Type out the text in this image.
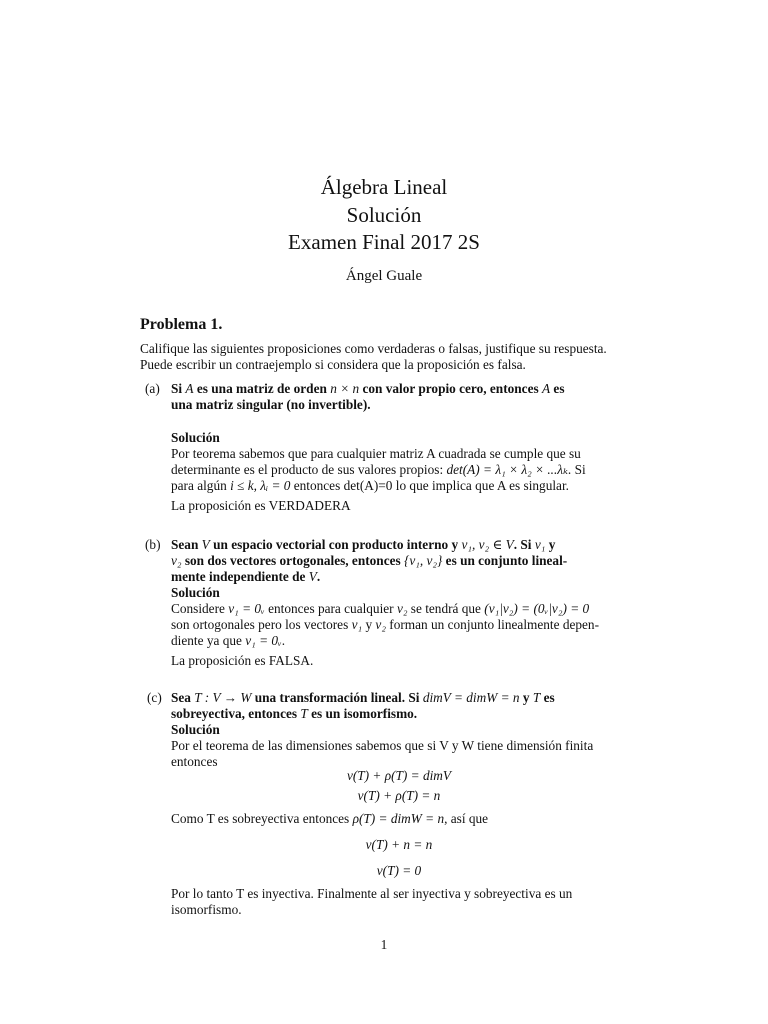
Álgebra Lineal
Solución
Examen Final 2017 2S
Ángel Guale
Problema 1.
Califique las siguientes proposiciones como verdaderas o falsas, justifique su respuesta.
Puede escribir un contraejemplo si considera que la proposición es falsa.
(a) Si A es una matriz de orden n × n con valor propio cero, entonces A es
una matriz singular (no invertible).
Solución
Por teorema sabemos que para cualquier matriz A cuadrada se cumple que su
determinante es el producto de sus valores propios: det(A) = λ₁ × λ₂ × ...λₖ. Si
para algún i ≤ k, λᵢ = 0 entonces det(A)=0 lo que implica que A es singular.
La proposición es VERDADERA
(b) Sean V un espacio vectorial con producto interno y v₁, v₂ ∈ V. Si v₁ y
v₂ son dos vectores ortogonales, entonces {v₁, v₂} es un conjunto lineal-
mente independiente de V.
Solución
Considere v₁ = 0ᵥ entonces para cualquier v₂ se tendrá que (v₁|v₂) = (0ᵥ|v₂) = 0
son ortogonales pero los vectores v₁ y v₂ forman un conjunto linealmente depen-
diente ya que v₁ = 0ᵥ.
La proposición es FALSA.
(c) Sea T : V → W una transformación lineal. Si dimV = dimW = n y T es
sobreyectiva, entonces T es un isomorfismo.
Solución
Por el teorema de las dimensiones sabemos que si V y W tiene dimensión finita
entonces
ν(T) + ρ(T) = dimV
ν(T) + ρ(T) = n
Como T es sobreyectiva entonces ρ(T) = dimW = n, así que
ν(T) + n = n
ν(T) = 0
Por lo tanto T es inyectiva. Finalmente al ser inyectiva y sobreyectiva es un
isomorfismo.
1
